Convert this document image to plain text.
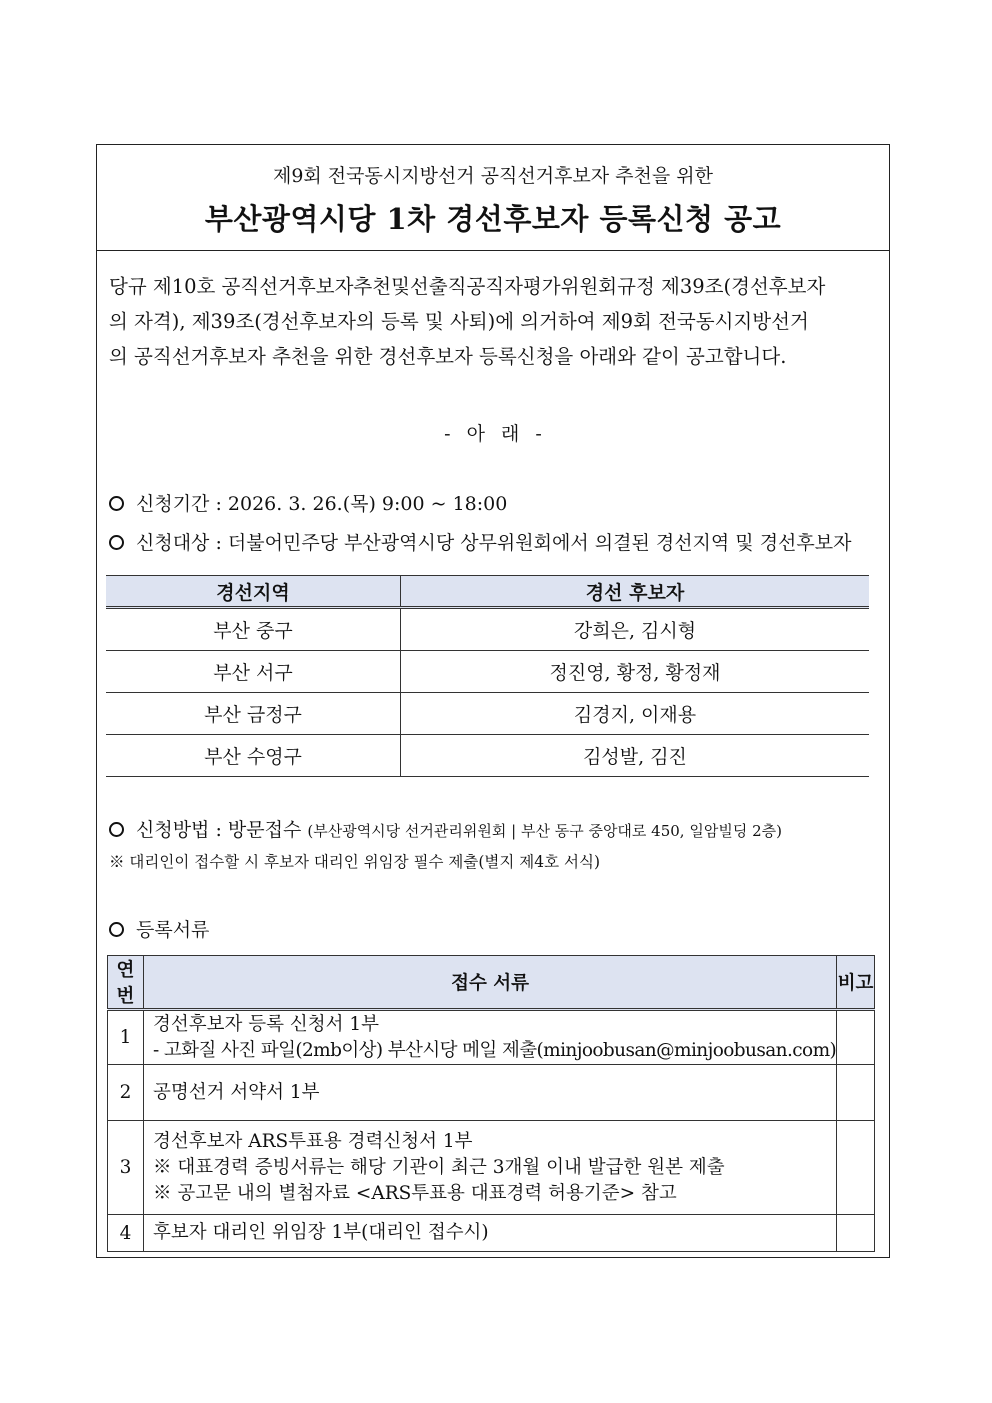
제9회 전국동시지방선거 공직선거후보자 추천을 위한
부산광역시당 1차 경선후보자 등록신청 공고
당규 제10호 공직선거후보자추천및선출직공직자평가위원회규정 제39조(경선후보자
의 자격), 제39조(경선후보자의 등록 및 사퇴)에 의거하여 제9회 전국동시지방선거
의 공직선거후보자 추천을 위한 경선후보자 등록신청을 아래와 같이 공고합니다.
- 아 래 -
신청기간 : 2026. 3. 26.(목) 9:00 ~ 18:00
신청대상 : 더불어민주당 부산광역시당 상무위원회에서 의결된 경선지역 및 경선후보자
경선지역	경선 후보자
부산 중구	강희은, 김시형
부산 서구	정진영, 황정, 황정재
부산 금정구	김경지, 이재용
부산 수영구	김성발, 김진
신청방법 : 방문접수 (부산광역시당 선거관리위원회 | 부산 동구 중앙대로 450, 일암빌딩 2층)
※ 대리인이 접수할 시 후보자 대리인 위임장 필수 제출(별지 제4호 서식)
등록서류
연번	접수 서류	비고
1	경선후보자 등록 신청서 1부
- 고화질 사진 파일(2mb이상) 부산시당 메일 제출(minjoobusan@minjoobusan.com)	

2	공명선거 서약서 1부	

3	경선후보자 ARS투표용 경력신청서 1부
※ 대표경력 증빙서류는 해당 기관이 최근 3개월 이내 발급한 원본 제출
※ 공고문 내의 별첨자료 <ARS투표용 대표경력 허용기준> 참고	

4	후보자 대리인 위임장 1부(대리인 접수시)	
